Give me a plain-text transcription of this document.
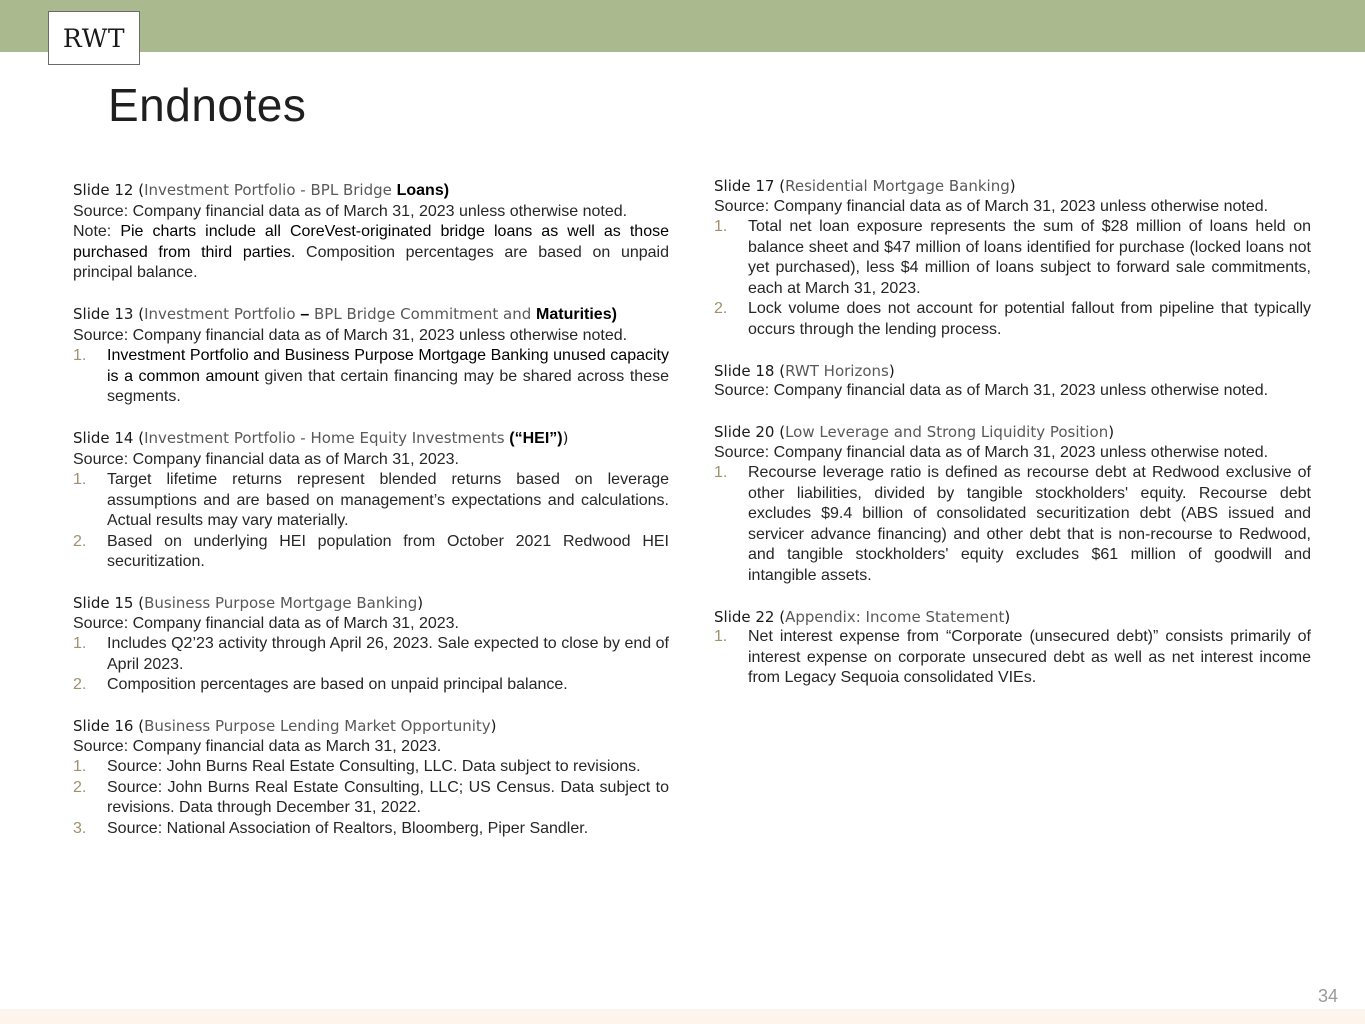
RWT
Endnotes
Slide 12 (Investment Portfolio - BPL Bridge Loans)
Source: Company financial data as of March 31, 2023 unless otherwise noted.
Note: Pie charts include all CoreVest-originated bridge loans as well as those purchased from third parties. Composition percentages are based on unpaid principal balance.
Slide 13 (Investment Portfolio – BPL Bridge Commitment and Maturities)
Source: Company financial data as of March 31, 2023 unless otherwise noted.
1.	Investment Portfolio and Business Purpose Mortgage Banking unused capacity is a common amount given that certain financing may be shared across these segments.
Slide 14 (Investment Portfolio - Home Equity Investments (“HEI”))
Source: Company financial data as of March 31, 2023.
1.	Target lifetime returns represent blended returns based on leverage assumptions and are based on management’s expectations and calculations. Actual results may vary materially.
2.	Based on underlying HEI population from October 2021 Redwood HEI securitization.
Slide 15 (Business Purpose Mortgage Banking)
Source: Company financial data as of March 31, 2023.
1.	Includes Q2’23 activity through April 26, 2023. Sale expected to close by end of April 2023.
2.	Composition percentages are based on unpaid principal balance.
Slide 16 (Business Purpose Lending Market Opportunity)
Source: Company financial data as March 31, 2023.
1.	Source: John Burns Real Estate Consulting, LLC. Data subject to revisions.
2.	Source: John Burns Real Estate Consulting, LLC; US Census. Data subject to revisions. Data through December 31, 2022.
3.	Source: National Association of Realtors, Bloomberg, Piper Sandler.
Slide 17 (Residential Mortgage Banking)
Source: Company financial data as of March 31, 2023 unless otherwise noted.
1.	Total net loan exposure represents the sum of $28 million of loans held on balance sheet and $47 million of loans identified for purchase (locked loans not yet purchased), less $4 million of loans subject to forward sale commitments, each at March 31, 2023.
2.	Lock volume does not account for potential fallout from pipeline that typically occurs through the lending process.
Slide 18 (RWT Horizons)
Source: Company financial data as of March 31, 2023 unless otherwise noted.
Slide 20 (Low Leverage and Strong Liquidity Position)
Source: Company financial data as of March 31, 2023 unless otherwise noted.
1.	Recourse leverage ratio is defined as recourse debt at Redwood exclusive of other liabilities, divided by tangible stockholders' equity. Recourse debt excludes $9.4 billion of consolidated securitization debt (ABS issued and servicer advance financing) and other debt that is non-recourse to Redwood, and tangible stockholders' equity excludes $61 million of goodwill and intangible assets.
Slide 22 (Appendix: Income Statement)
1.	Net interest expense from “Corporate (unsecured debt)” consists primarily of interest expense on corporate unsecured debt as well as net interest income from Legacy Sequoia consolidated VIEs.
34
